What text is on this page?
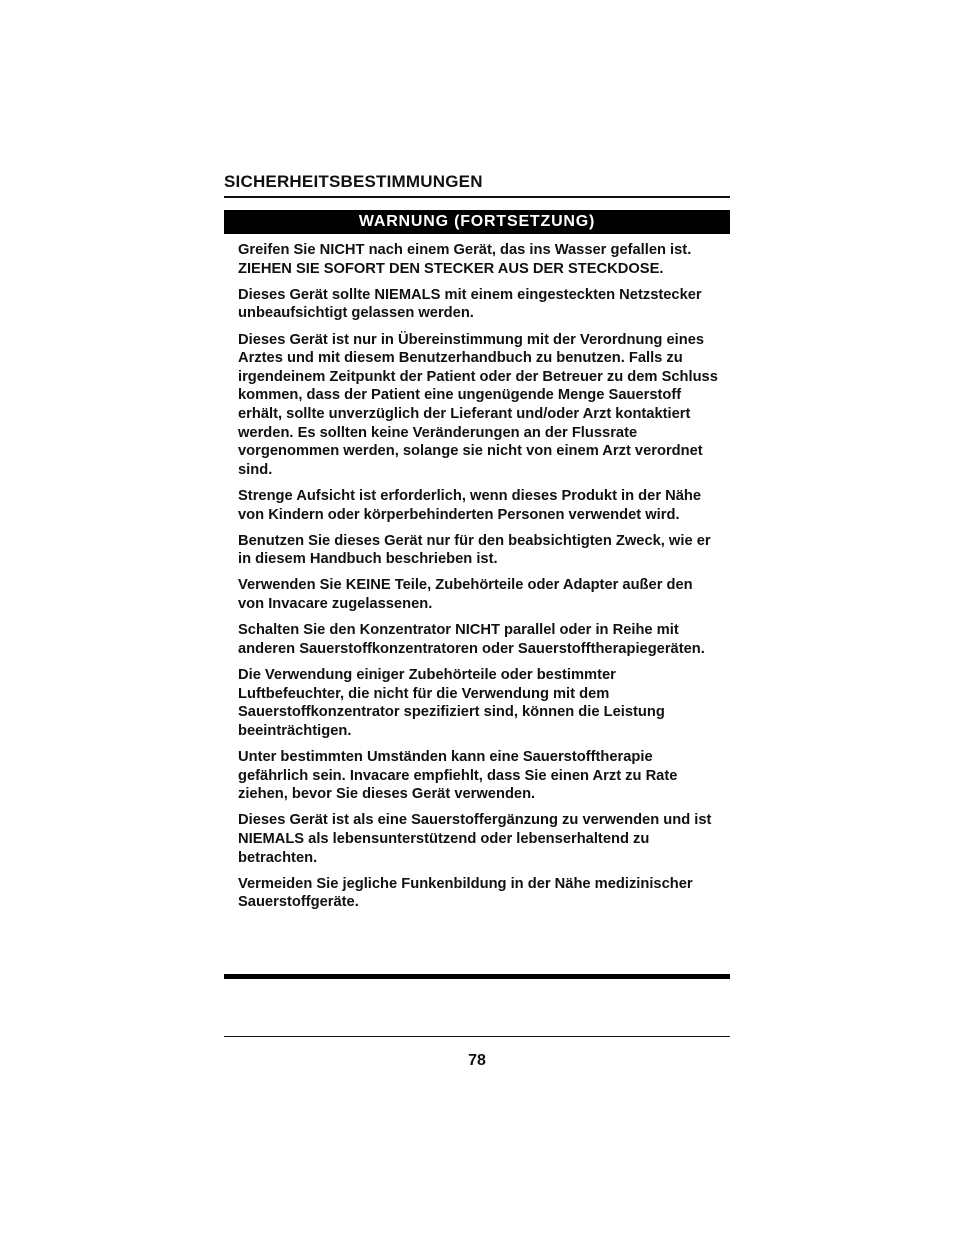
SICHERHEITSBESTIMMUNGEN
WARNUNG (FORTSETZUNG)

Greifen Sie NICHT nach einem Gerät, das ins Wasser gefallen ist. ZIEHEN SIE SOFORT DEN STECKER AUS DER STECKDOSE.

Dieses Gerät sollte NIEMALS mit einem eingesteckten Netzstecker unbeaufsichtigt gelassen werden.

Dieses Gerät ist nur in Übereinstimmung mit der Verordnung eines Arztes und mit diesem Benutzerhandbuch zu benutzen. Falls zu irgendeinem Zeitpunkt der Patient oder der Betreuer zu dem Schluss kommen, dass der Patient eine ungenügende Menge Sauerstoff erhält, sollte unverzüglich der Lieferant und/oder Arzt kontaktiert werden. Es sollten keine Veränderungen an der Flussrate vorgenommen werden, solange sie nicht von einem Arzt verordnet sind.

Strenge Aufsicht ist erforderlich, wenn dieses Produkt in der Nähe von Kindern oder körperbehinderten Personen verwendet wird.

Benutzen Sie dieses Gerät nur für den beabsichtigten Zweck, wie er in diesem Handbuch beschrieben ist.

Verwenden Sie KEINE Teile, Zubehörteile oder Adapter außer den von Invacare zugelassenen.

Schalten Sie den Konzentrator NICHT parallel oder in Reihe mit anderen Sauerstoffkonzentratoren oder Sauerstofftherapiegeräten.

Die Verwendung einiger Zubehörteile oder bestimmter Luftbefeuchter, die nicht für die Verwendung mit dem Sauerstoffkonzentrator spezifiziert sind, können die Leistung beeinträchtigen.

Unter bestimmten Umständen kann eine Sauerstofftherapie gefährlich sein. Invacare empfiehlt, dass Sie einen Arzt zu Rate ziehen, bevor Sie dieses Gerät verwenden.

Dieses Gerät ist als eine Sauerstoffergänzung zu verwenden und ist NIEMALS als lebensunterstützend oder lebenserhaltend zu betrachten.

Vermeiden Sie jegliche Funkenbildung in der Nähe medizinischer Sauerstoffgeräte.

78
